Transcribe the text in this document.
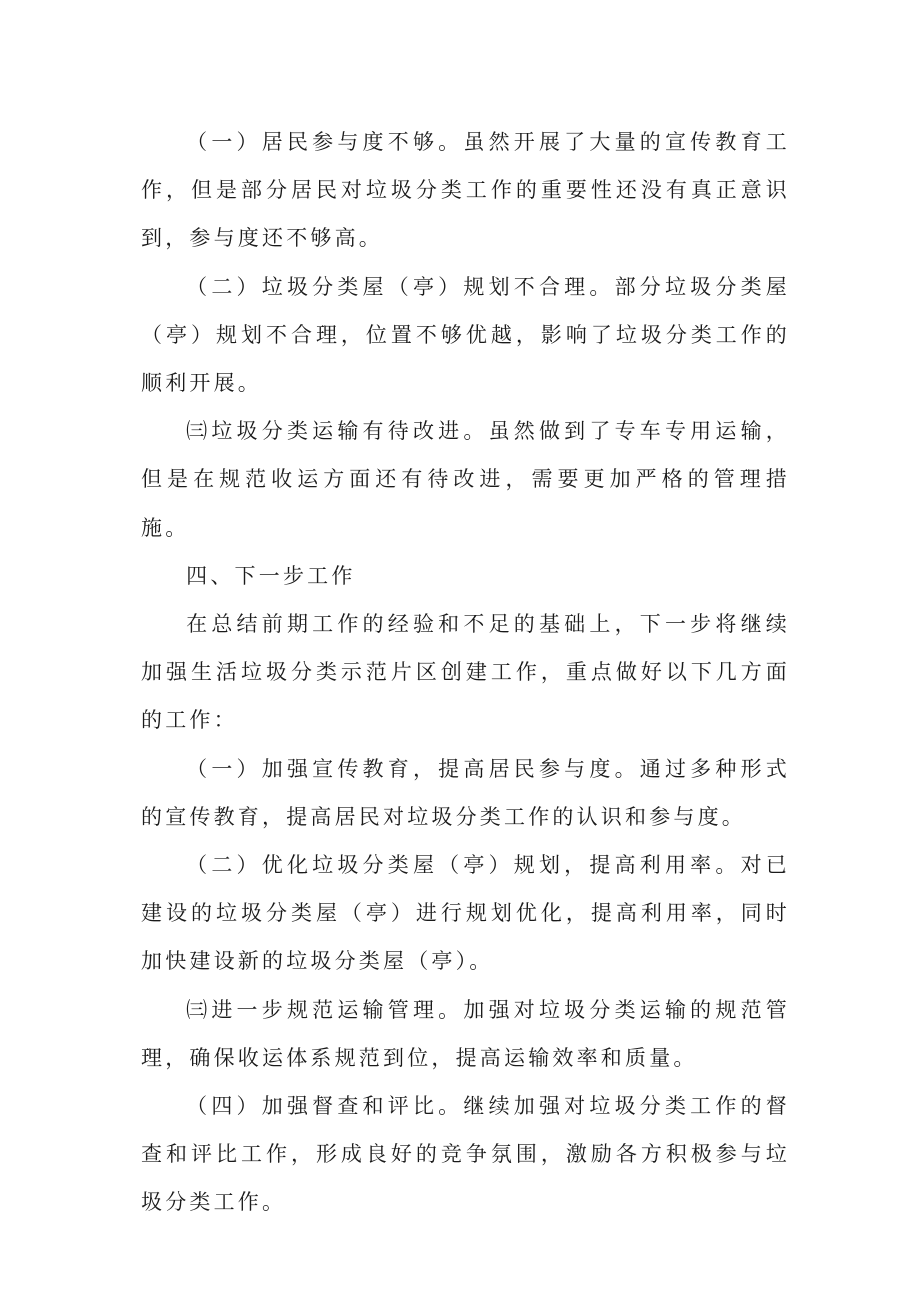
（一）居民参与度不够。虽然开展了大量的宣传教育工作，但是部分居民对垃圾分类工作的重要性还没有真正意识到，参与度还不够高。

（二）垃圾分类屋（亭）规划不合理。部分垃圾分类屋（亭）规划不合理，位置不够优越，影响了垃圾分类工作的顺利开展。

㈢垃圾分类运输有待改进。虽然做到了专车专用运输，但是在规范收运方面还有待改进，需要更加严格的管理措施。

四、下一步工作

在总结前期工作的经验和不足的基础上，下一步将继续加强生活垃圾分类示范片区创建工作，重点做好以下几方面的工作：

（一）加强宣传教育，提高居民参与度。通过多种形式的宣传教育，提高居民对垃圾分类工作的认识和参与度。

（二）优化垃圾分类屋（亭）规划，提高利用率。对已建设的垃圾分类屋（亭）进行规划优化，提高利用率，同时加快建设新的垃圾分类屋（亭）。

㈢进一步规范运输管理。加强对垃圾分类运输的规范管理，确保收运体系规范到位，提高运输效率和质量。

（四）加强督查和评比。继续加强对垃圾分类工作的督查和评比工作，形成良好的竞争氛围，激励各方积极参与垃圾分类工作。
